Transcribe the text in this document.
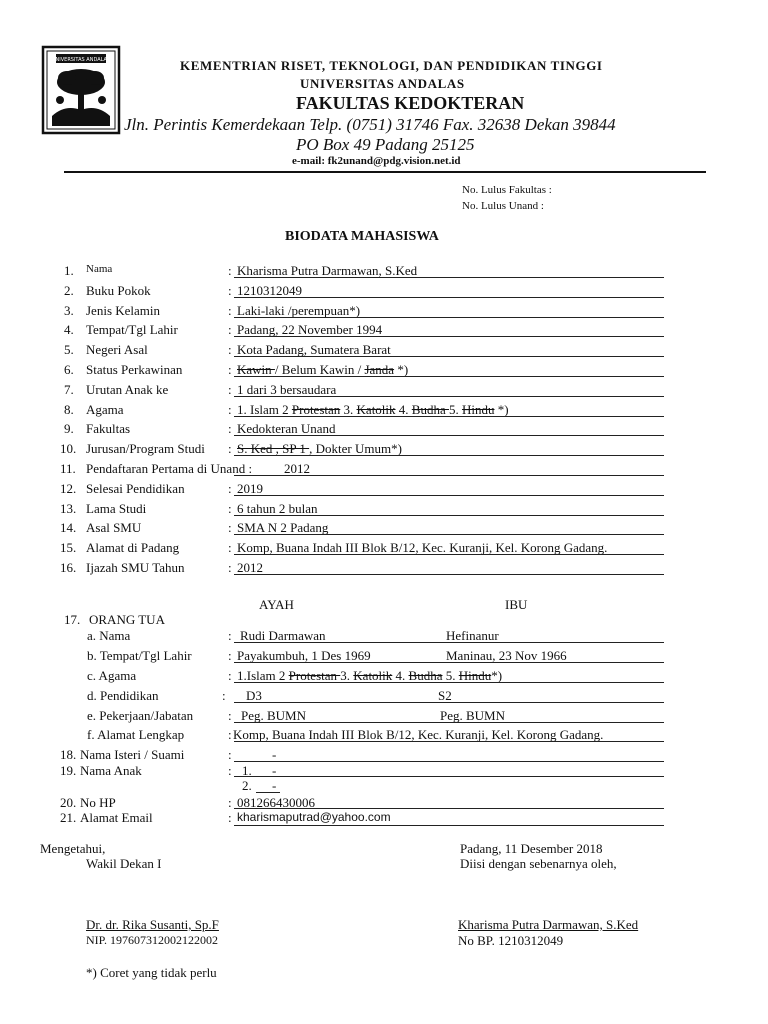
UNIVERSITAS ANDALAS	KEMENTRIAN RISET, TEKNOLOGI, DAN PENDIDIKAN TINGGI
UNIVERSITAS ANDALAS
FAKULTAS KEDOKTERAN
Jln. Perintis Kemerdekaan Telp. (0751) 31746 Fax. 32638 Dekan 39844
PO Box 49 Padang 25125
e-mail: fk2unand@pdg.vision.net.id
No. Lulus Fakultas :
No. Lulus Unand :
BIODATA MAHASISWA
1. Nama	: Kharisma Putra Darmawan, S.Ked
2. Buku Pokok	: 1210312049
3. Jenis Kelamin	: Laki-laki /perempuan*)
4. Tempat/Tgl Lahir	: Padang, 22 November 1994
5. Negeri Asal	: Kota Padang, Sumatera Barat
6. Status Perkawinan	: Kawin / Belum Kawin / Janda *)
7. Urutan Anak ke	: 1 dari 3 bersaudara
8. Agama	: 1. Islam 2 Protestan 3. Katolik 4. Budha 5. Hindu *)
9. Fakultas	: Kedokteran Unand
10. Jurusan/Program Studi : S. Ked , SP 1 , Dokter Umum*)
11. Pendaftaran Pertama di Unand : 2012
12. Selesai Pendidikan	: 2019
13. Lama Studi	: 6 tahun 2 bulan
14. Asal SMU	: SMA N 2 Padang
15. Alamat di Padang	: Komp, Buana Indah III Blok B/12, Kec. Kuranji, Kel. Korong Gadang.
16. Ijazah SMU Tahun	: 2012
AYAH	IBU
17. ORANG TUA
a. Nama	: Rudi Darmawan	Hefinanur
b. Tempat/Tgl Lahir	: Payakumbuh, 1 Des 1969	Maninau, 23 Nov 1966
c. Agama	: 1.Islam 2 Protestan 3. Katolik 4. Budha 5. Hindu*)
d. Pendidikan	: D3	S2
e. Pekerjaan/Jabatan	: Peg. BUMN	Peg. BUMN
f. Alamat Lengkap	: Komp, Buana Indah III Blok B/12, Kec. Kuranji, Kel. Korong Gadang.
18. Nama Isteri / Suami	:	-
19. Nama Anak	: 1. -
2. -
20. No HP	: 081266430006
21. Alamat Email	: kharismaputrad@yahoo.com
Mengetahui,
Wakil Dekan I
Padang, 11 Desember 2018
Diisi dengan sebenarnya oleh,
Dr. dr. Rika Susanti, Sp.F
NIP. 197607312002122002
Kharisma Putra Darmawan, S.Ked
No BP. 1210312049
*) Coret yang tidak perlu
